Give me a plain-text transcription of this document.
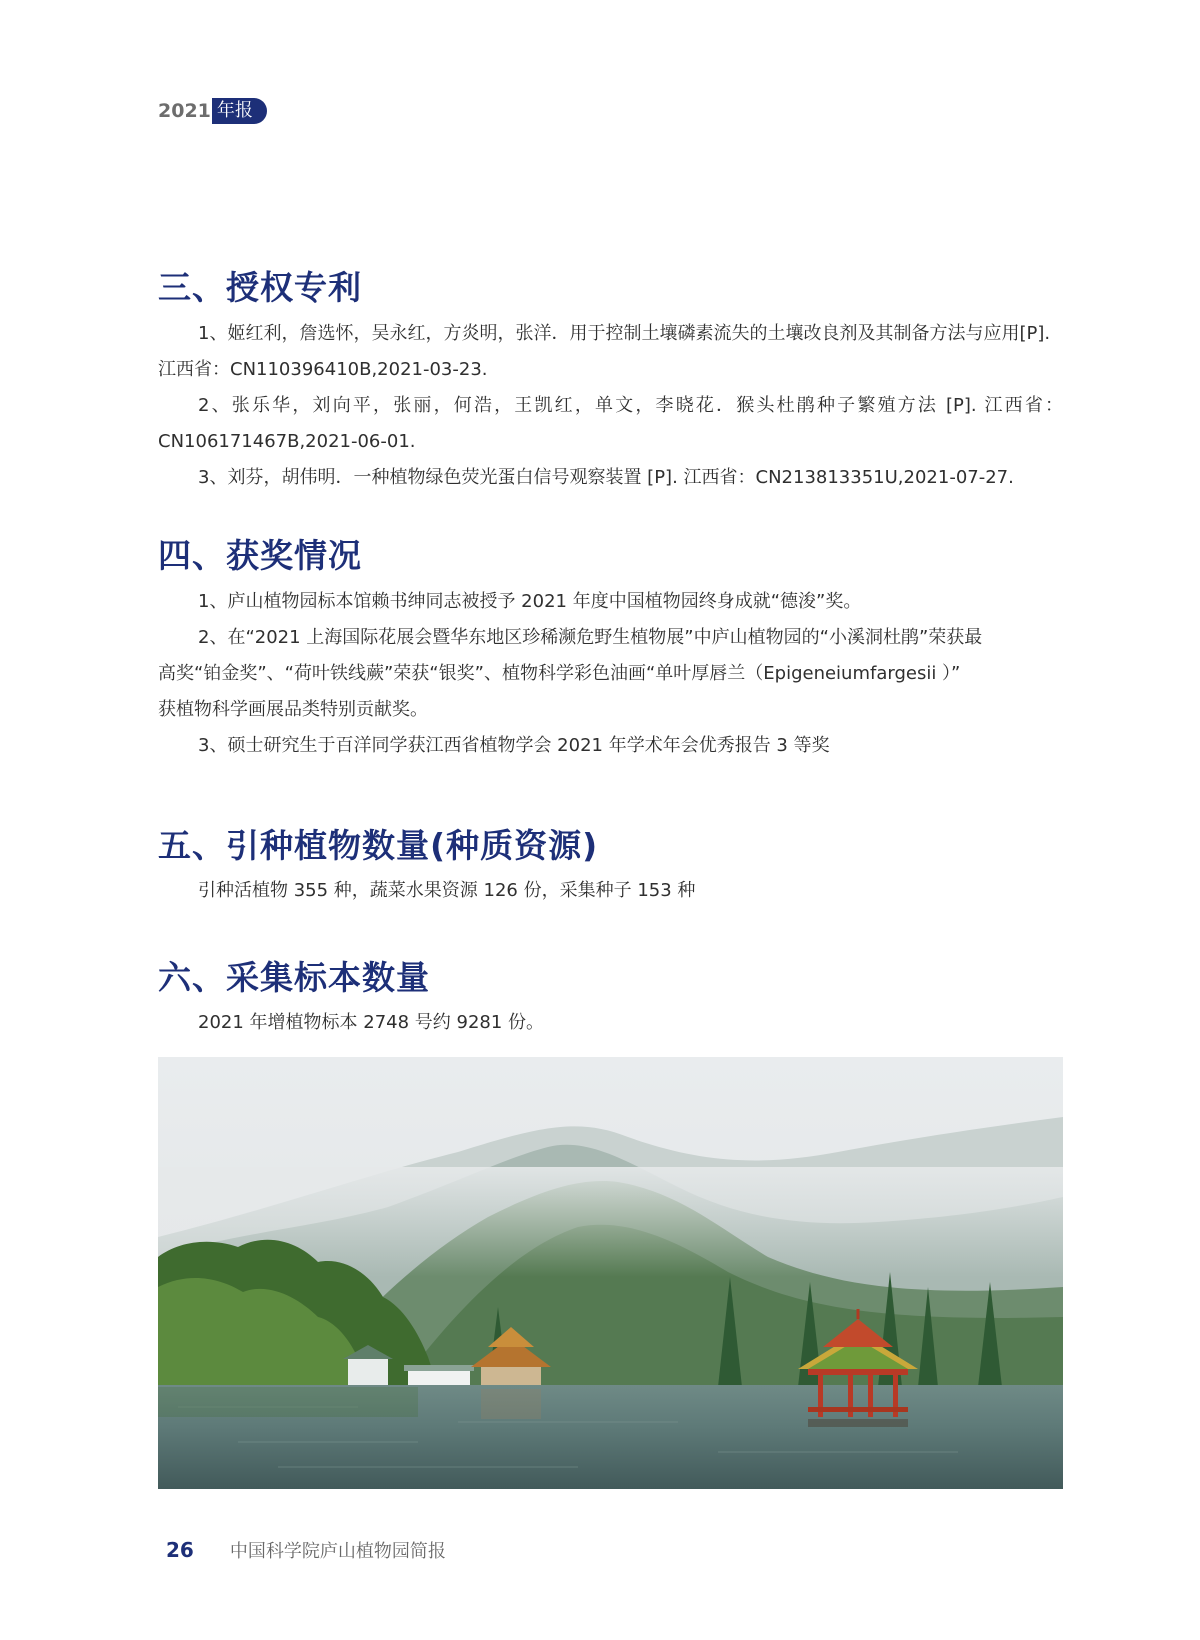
2021 年报
三、授权专利
1、姬红利，詹选怀，吴永红，方炎明，张洋．用于控制土壤磷素流失的土壤改良剂及其制备方法与应用[P].
江西省：CN110396410B,2021-03-23.
2、张乐华，刘向平，张丽，何浩，王凯红，单文，李晓花．猴头杜鹃种子繁殖方法 [P]. 江西省：
CN106171467B,2021-06-01.
3、刘芬，胡伟明．一种植物绿色荧光蛋白信号观察装置 [P]. 江西省：CN213813351U,2021-07-27.
四、获奖情况
1、庐山植物园标本馆赖书绅同志被授予 2021 年度中国植物园终身成就“德浚”奖。
2、在“2021 上海国际花展会暨华东地区珍稀濒危野生植物展”中庐山植物园的“小溪洞杜鹃”荣获最
高奖“铂金奖”、“荷叶铁线蕨”荣获“银奖”、植物科学彩色油画“单叶厚唇兰（Epigeneiumfargesii ）”
获植物科学画展品类特别贡献奖。
3、硕士研究生于百洋同学获江西省植物学会 2021 年学术年会优秀报告 3 等奖
五、引种植物数量(种质资源)
引种活植物 355 种，蔬菜水果资源 126 份，采集种子 153 种
六、采集标本数量
2021 年增植物标本 2748 号约 9281 份。
26 中国科学院庐山植物园简报
